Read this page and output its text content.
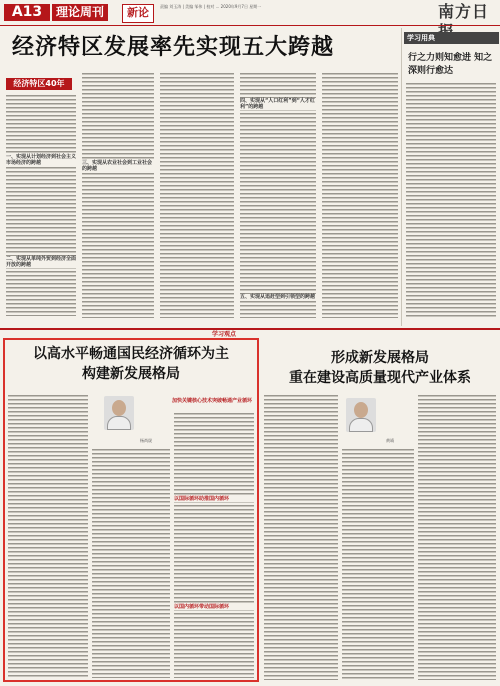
A13	理论周刊	新论	责编 刘玉涛 | 美编 邹伟 | 校对 ... 2020年9月7日 星期一	南方日
经济特区发展率先实现五大跨越
经济特区40年
一、实现从计划经济到社会主义市场经济的跨越
二、实现从单纯外贸到经济全面开放的跨越
三、实现从农业社会到工业社会的跨越
四、实现从“人口红利”到“人才红利”的跨越
五、实现从追赶型到引领型的跨越
学习用典
行之力则知愈进 知之深则行愈达
学习观点
以高水平畅通国民经济循环为主
构建新发展格局
杨尚晟
加快关键核心技术突破畅通产业循环
以国际循环助推国内循环
以国内循环带动国际循环
形成新发展格局
重在建设高质量现代产业体系
黄靖
